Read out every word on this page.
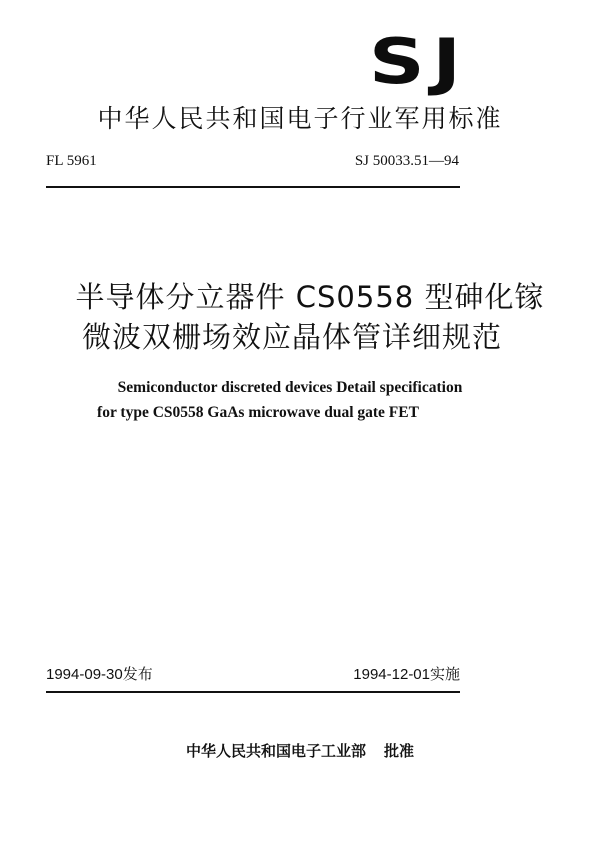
SJ
中华人民共和国电子行业军用标准
FL 5961	SJ 50033.51—94
半导体分立器件 CS0558 型砷化镓
微波双栅场效应晶体管详细规范
Semiconductor discreted devices Detail specification
for type CS0558 GaAs microwave dual gate FET
1994-09-30发布	1994-12-01实施
中华人民共和国电子工业部 批准
